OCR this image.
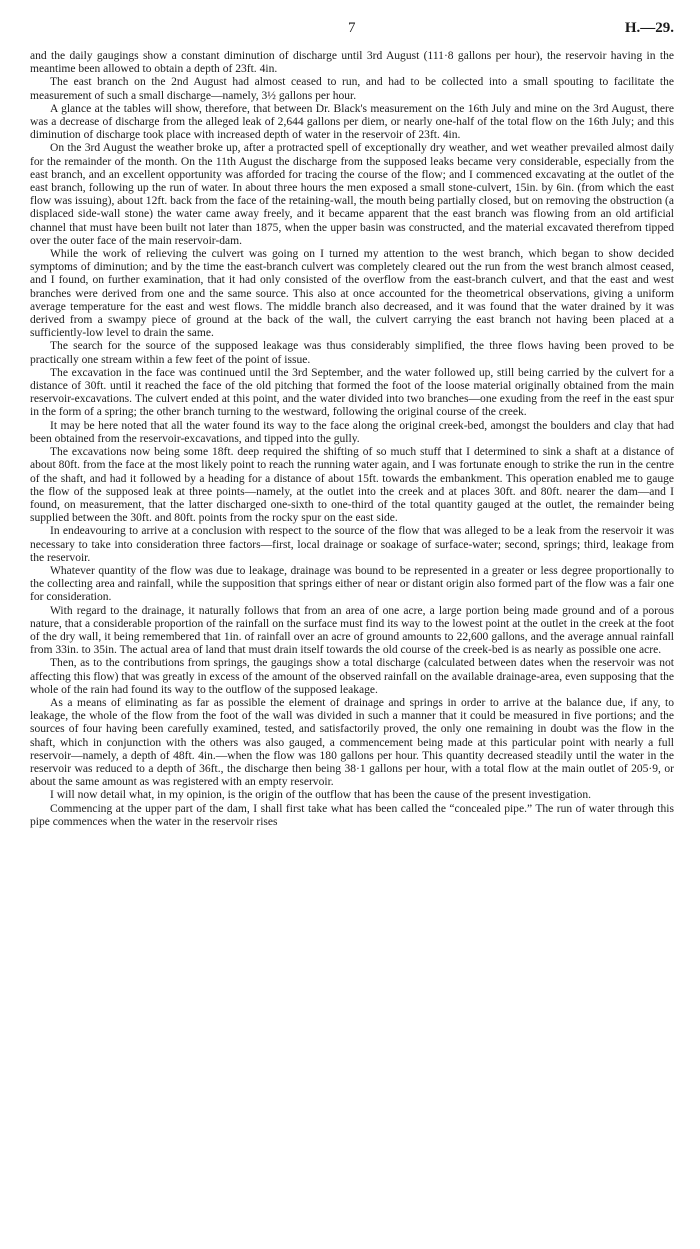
7	H.—29.

and the daily gaugings show a constant diminution of discharge until 3rd August (111·8 gallons per hour), the reservoir having in the meantime been allowed to obtain a depth of 23ft. 4in.

The east branch on the 2nd August had almost ceased to run, and had to be collected into a small spouting to facilitate the measurement of such a small discharge—namely, 3½ gallons per hour.

A glance at the tables will show, therefore, that between Dr. Black's measurement on the 16th July and mine on the 3rd August, there was a decrease of discharge from the alleged leak of 2,644 gallons per diem, or nearly one-half of the total flow on the 16th July; and this diminution of discharge took place with increased depth of water in the reservoir of 23ft. 4in.

On the 3rd August the weather broke up, after a protracted spell of exceptionally dry weather, and wet weather prevailed almost daily for the remainder of the month. On the 11th August the discharge from the supposed leaks became very considerable, especially from the east branch, and an excellent opportunity was afforded for tracing the course of the flow; and I commenced excavating at the outlet of the east branch, following up the run of water. In about three hours the men exposed a small stone-culvert, 15in. by 6in. (from which the east flow was issuing), about 12ft. back from the face of the retaining-wall, the mouth being partially closed, but on removing the obstruction (a displaced side-wall stone) the water came away freely, and it became apparent that the east branch was flowing from an old artificial channel that must have been built not later than 1875, when the upper basin was constructed, and the material excavated therefrom tipped over the outer face of the main reservoir-dam.

While the work of relieving the culvert was going on I turned my attention to the west branch, which began to show decided symptoms of diminution; and by the time the east-branch culvert was completely cleared out the run from the west branch almost ceased, and I found, on further examination, that it had only consisted of the overflow from the east-branch culvert, and that the east and west branches were derived from one and the same source. This also at once accounted for the theometrical observations, giving a uniform average temperature for the east and west flows. The middle branch also decreased, and it was found that the water drained by it was derived from a swampy piece of ground at the back of the wall, the culvert carrying the east branch not having been placed at a sufficiently-low level to drain the same.

The search for the source of the supposed leakage was thus considerably simplified, the three flows having been proved to be practically one stream within a few feet of the point of issue.

The excavation in the face was continued until the 3rd September, and the water followed up, still being carried by the culvert for a distance of 30ft. until it reached the face of the old pitching that formed the foot of the loose material originally obtained from the main reservoir-excavations. The culvert ended at this point, and the water divided into two branches—one exuding from the reef in the east spur in the form of a spring; the other branch turning to the westward, following the original course of the creek.

It may be here noted that all the water found its way to the face along the original creek-bed, amongst the boulders and clay that had been obtained from the reservoir-excavations, and tipped into the gully.

The excavations now being some 18ft. deep required the shifting of so much stuff that I determined to sink a shaft at a distance of about 80ft. from the face at the most likely point to reach the running water again, and I was fortunate enough to strike the run in the centre of the shaft, and had it followed by a heading for a distance of about 15ft. towards the embankment. This operation enabled me to gauge the flow of the supposed leak at three points—namely, at the outlet into the creek and at places 30ft. and 80ft. nearer the dam—and I found, on measurement, that the latter discharged one-sixth to one-third of the total quantity gauged at the outlet, the remainder being supplied between the 30ft. and 80ft. points from the rocky spur on the east side.

In endeavouring to arrive at a conclusion with respect to the source of the flow that was alleged to be a leak from the reservoir it was necessary to take into consideration three factors—first, local drainage or soakage of surface-water; second, springs; third, leakage from the reservoir.

Whatever quantity of the flow was due to leakage, drainage was bound to be represented in a greater or less degree proportionally to the collecting area and rainfall, while the supposition that springs either of near or distant origin also formed part of the flow was a fair one for consideration.

With regard to the drainage, it naturally follows that from an area of one acre, a large portion being made ground and of a porous nature, that a considerable proportion of the rainfall on the surface must find its way to the lowest point at the outlet in the creek at the foot of the dry wall, it being remembered that 1in. of rainfall over an acre of ground amounts to 22,600 gallons, and the average annual rainfall from 33in. to 35in. The actual area of land that must drain itself towards the old course of the creek-bed is as nearly as possible one acre.

Then, as to the contributions from springs, the gaugings show a total discharge (calculated between dates when the reservoir was not affecting this flow) that was greatly in excess of the amount of the observed rainfall on the available drainage-area, even supposing that the whole of the rain had found its way to the outflow of the supposed leakage.

As a means of eliminating as far as possible the element of drainage and springs in order to arrive at the balance due, if any, to leakage, the whole of the flow from the foot of the wall was divided in such a manner that it could be measured in five portions; and the sources of four having been carefully examined, tested, and satisfactorily proved, the only one remaining in doubt was the flow in the shaft, which in conjunction with the others was also gauged, a commencement being made at this particular point with nearly a full reservoir—namely, a depth of 48ft. 4in.—when the flow was 180 gallons per hour. This quantity decreased steadily until the water in the reservoir was reduced to a depth of 36ft., the discharge then being 38·1 gallons per hour, with a total flow at the main outlet of 205·9, or about the same amount as was registered with an empty reservoir.

I will now detail what, in my opinion, is the origin of the outflow that has been the cause of the present investigation.

Commencing at the upper part of the dam, I shall first take what has been called the “concealed pipe.” The run of water through this pipe commences when the water in the reservoir rises
